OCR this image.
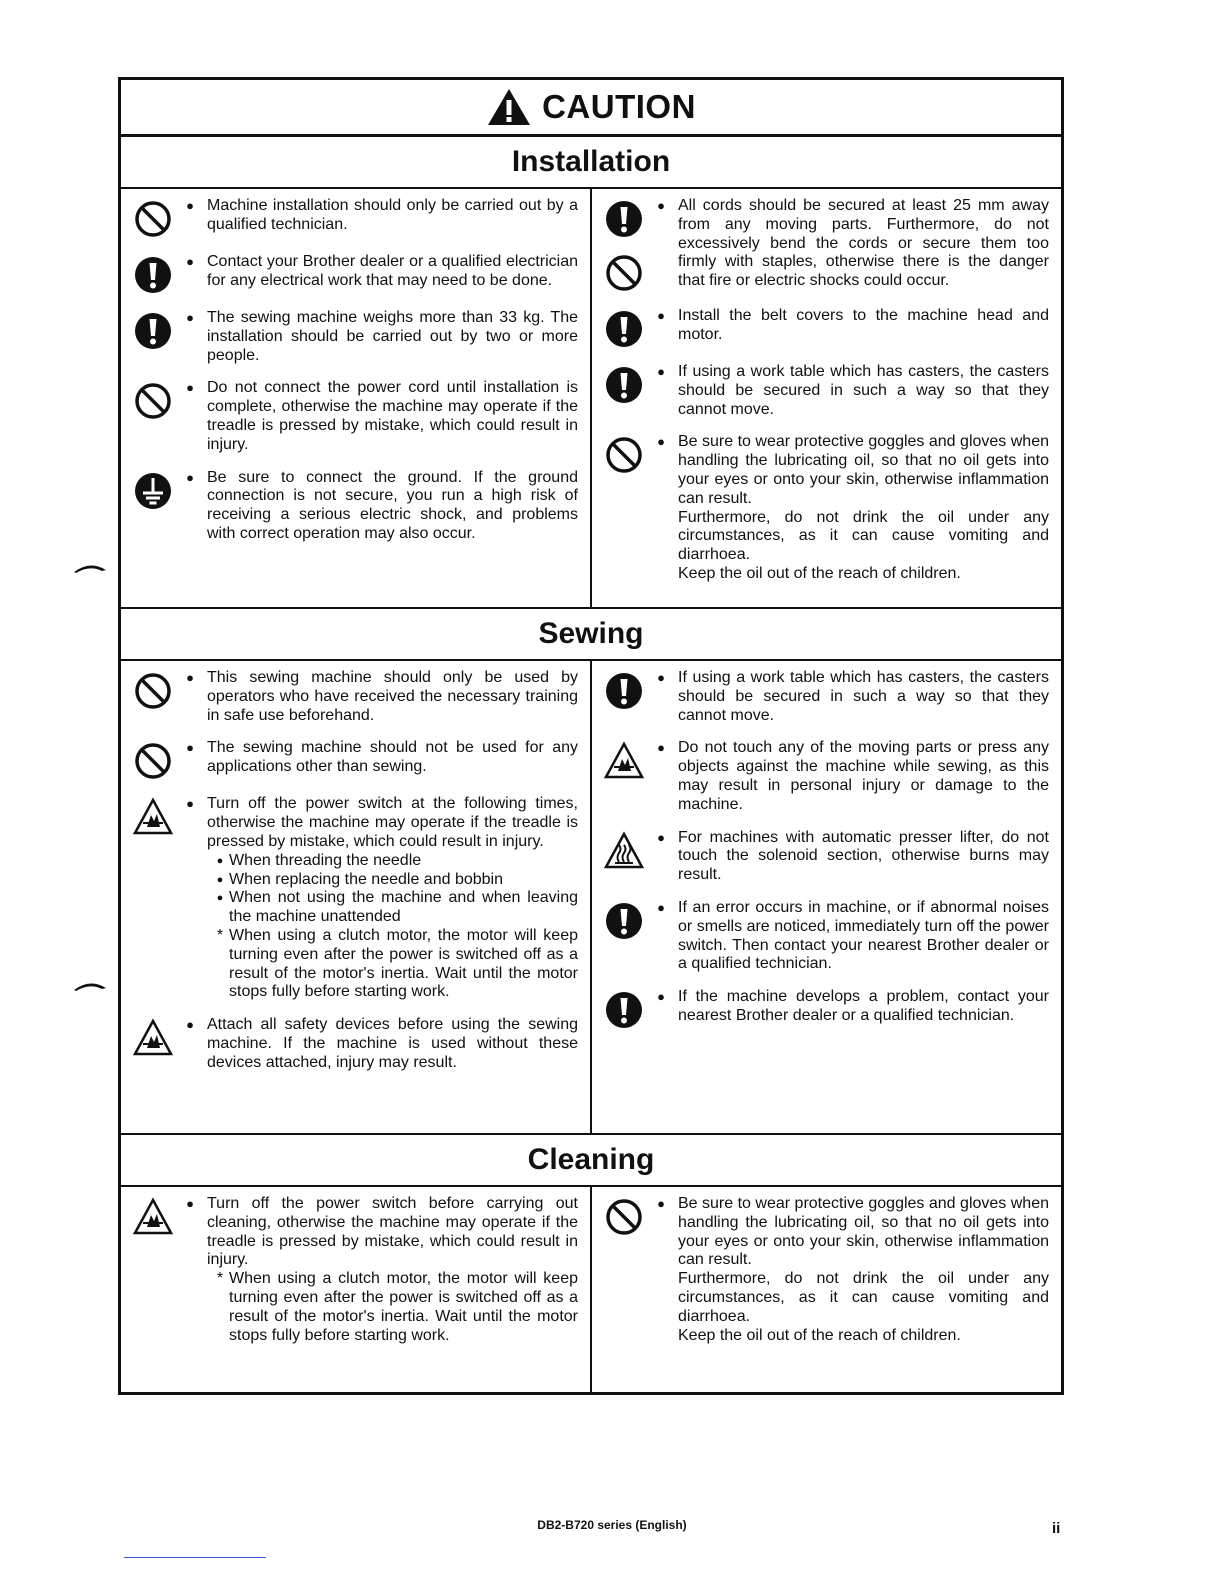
CAUTION
Installation
● Machine installation should only be carried out by a qualified technician.

● Contact your Brother dealer or a qualified electrician for any electrical work that may need to be done.

● The sewing machine weighs more than 33 kg. The installation should be carried out by two or more people.

● Do not connect the power cord until installation is complete, otherwise the machine may operate if the treadle is pressed by mistake, which could result in injury.

● Be sure to connect the ground. If the ground connection is not secure, you run a high risk of receiving a serious electric shock, and problems with correct operation may also occur.

● All cords should be secured at least 25 mm away from any moving parts. Furthermore, do not excessively bend the cords or secure them too firmly with staples, otherwise there is the danger that fire or electric shocks could occur.

● Install the belt covers to the machine head and motor.

● If using a work table which has casters, the casters should be secured in such a way so that they cannot move.

● Be sure to wear protective goggles and gloves when handling the lubricating oil, so that no oil gets into your eyes or onto your skin, otherwise inflammation can result.

Furthermore, do not drink the oil under any circumstances, as it can cause vomiting and diarrhoea.

Keep the oil out of the reach of children.

Sewing
● This sewing machine should only be used by operators who have received the necessary training in safe use beforehand.

● The sewing machine should not be used for any applications other than sewing.

● Turn off the power switch at the following times, otherwise the machine may operate if the treadle is pressed by mistake, which could result in injury.

● When threading the needle
● When replacing the needle and bobbin
● When not using the machine and when leaving the machine unattended
* When using a clutch motor, the motor will keep turning even after the power is switched off as a result of the motor's inertia. Wait until the motor stops fully before starting work.
● Attach all safety devices before using the sewing machine. If the machine is used without these devices attached, injury may result.

● If using a work table which has casters, the casters should be secured in such a way so that they cannot move.

● Do not touch any of the moving parts or press any objects against the machine while sewing, as this may result in personal injury or damage to the machine.

● For machines with automatic presser lifter, do not touch the solenoid section, otherwise burns may result.

● If an error occurs in machine, or if abnormal noises or smells are noticed, immediately turn off the power switch. Then contact your nearest Brother dealer or a qualified technician.

● If the machine develops a problem, contact your nearest Brother dealer or a qualified technician.

Cleaning
● Turn off the power switch before carrying out cleaning, otherwise the machine may operate if the treadle is pressed by mistake, which could result in injury.

* When using a clutch motor, the motor will keep turning even after the power is switched off as a result of the motor's inertia. Wait until the motor stops fully before starting work.
● Be sure to wear protective goggles and gloves when handling the lubricating oil, so that no oil gets into your eyes or onto your skin, otherwise inflammation can result.

Furthermore, do not drink the oil under any circumstances, as it can cause vomiting and diarrhoea.

Keep the oil out of the reach of children.

DB2-B720 series (English)	ii
